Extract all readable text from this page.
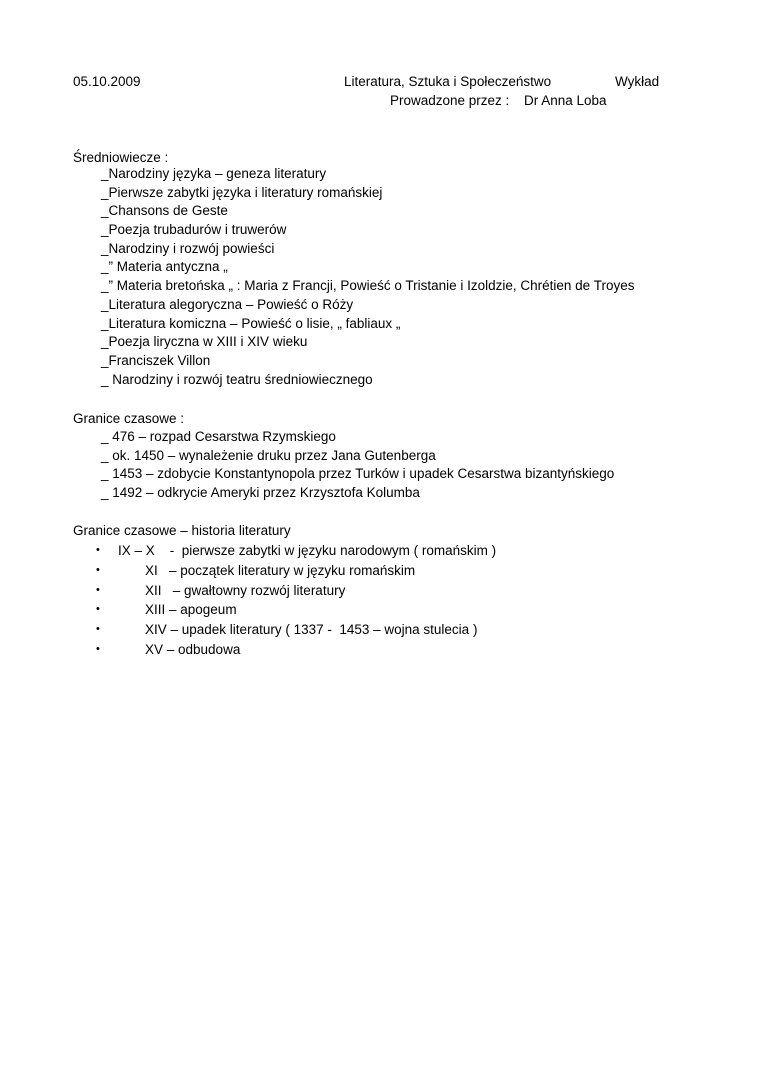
05.10.2009	Literatura, Sztuka i Społeczeństwo	Wykład
Prowadzone przez : Dr Anna Loba
Średniowiecze :
_Narodziny języka – geneza literatury
_Pierwsze zabytki języka i literatury romańskiej
_Chansons de Geste
_Poezja trubadurów i truwerów
_Narodziny i rozwój powieści
_” Materia antyczna „
_” Materia bretońska „ : Maria z Francji, Powieść o Tristanie i Izoldzie, Chrétien de Troyes
_Literatura alegoryczna – Powieść o Róży
_Literatura komiczna – Powieść o lisie, „ fabliaux „
_Poezja liryczna w XIII i XIV wieku
_Franciszek Villon
_ Narodziny i rozwój teatru średniowiecznego
Granice czasowe :
_ 476 – rozpad Cesarstwa Rzymskiego
_ ok. 1450 – wynależenie druku przez Jana Gutenberga
_ 1453 – zdobycie Konstantynopola przez Turków i upadek Cesarstwa bizantyńskiego
_ 1492 – odkrycie Ameryki przez Krzysztofa Kolumba
Granice czasowe – historia literatury
• IX – X    -  pierwsze zabytki w języku narodowym ( romańskim )
•	XI   – początek literatury w języku romańskim
•	XII   – gwałtowny rozwój literatury
•	XIII – apogeum
•	XIV – upadek literatury ( 1337 -  1453 – wojna stulecia )
•	XV – odbudowa
